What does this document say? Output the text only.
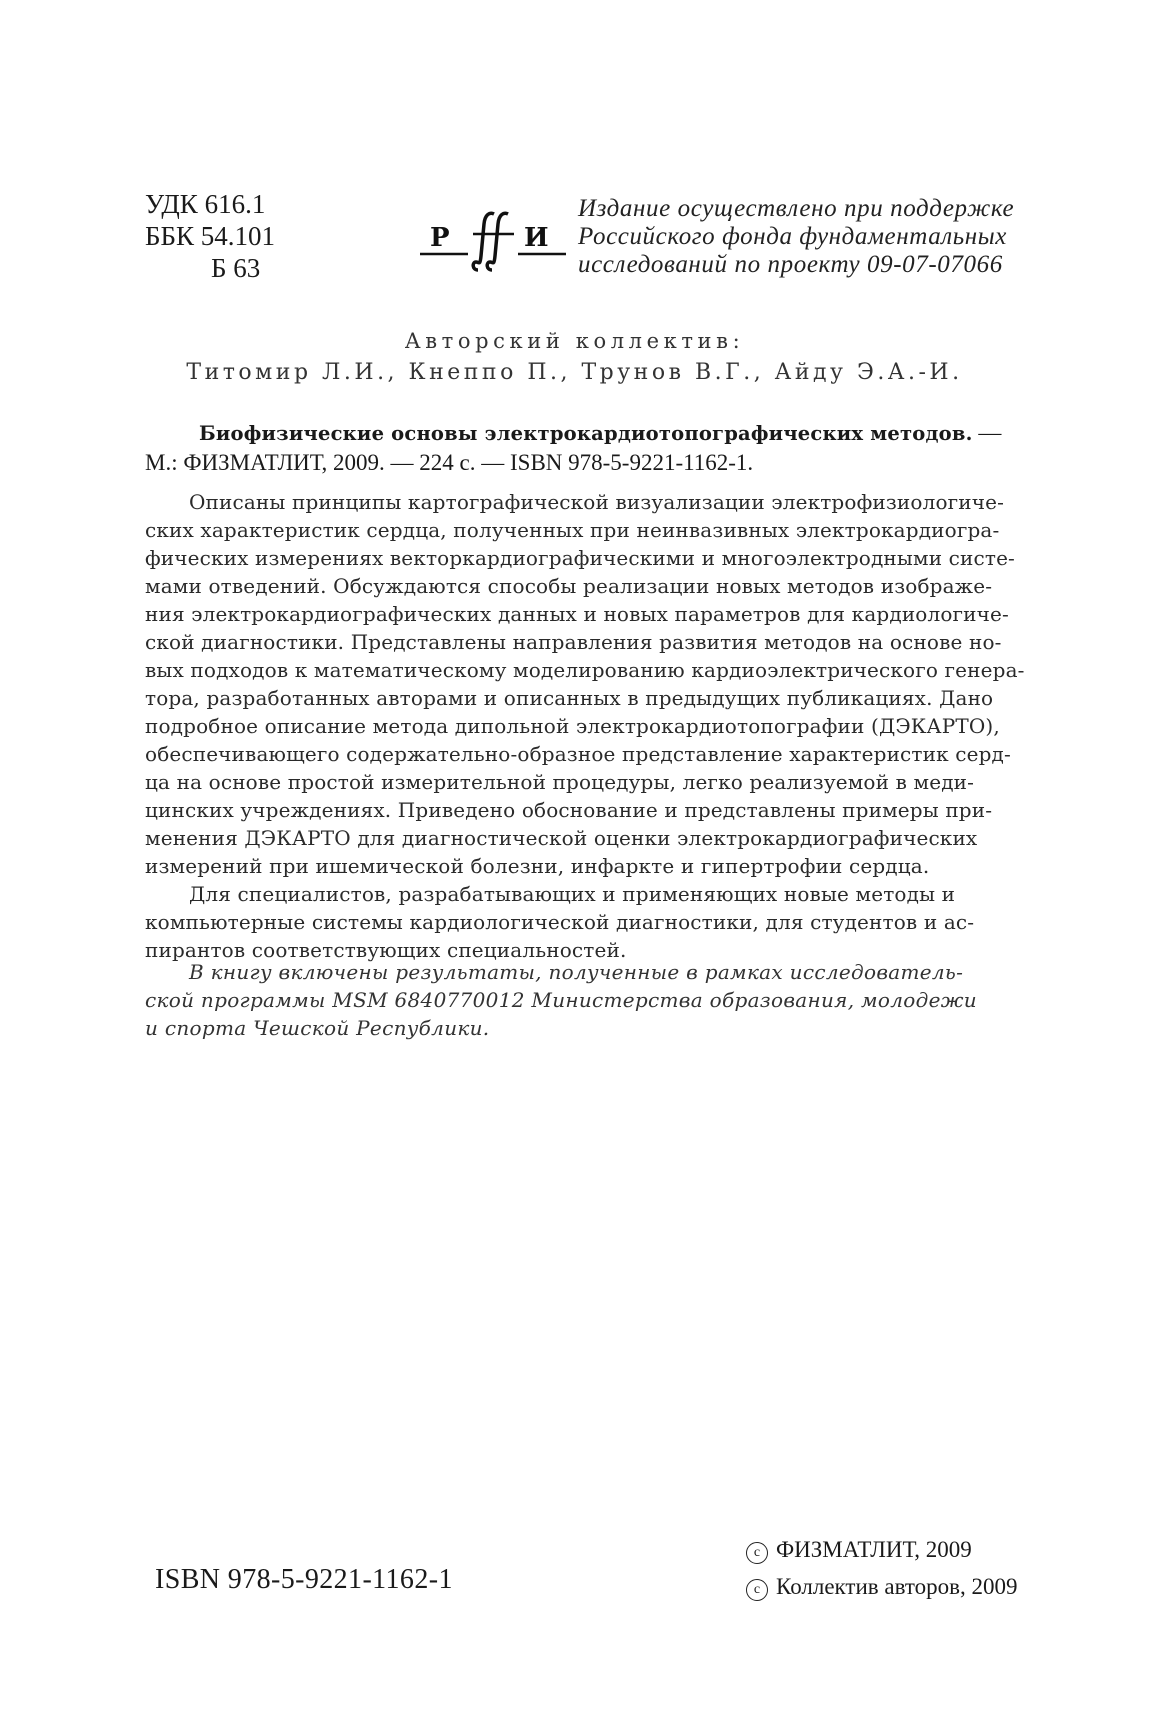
УДК 616.1
ББК 54.101
Б 63
Р	И
Издание осуществлено при поддержке
Российского фонда фундаментальных
исследований по проекту 09-07-07066
Авторский коллектив:
Титомир Л.И., Кнеппо П., Трунов В.Г., Айду Э.А.-И.
Биофизические основы электрокардиотопографических методов. —
М.: ФИЗМАТЛИТ, 2009. — 224 с. — ISBN 978-5-9221-1162-1.

Описаны принципы картографической визуализации электрофизиологиче-
ских характеристик сердца, полученных при неинвазивных электрокардиогра-
фических измерениях векторкардиографическими и многоэлектродными систе-
мами отведений. Обсуждаются способы реализации новых методов изображе-
ния электрокардиографических данных и новых параметров для кардиологиче-
ской диагностики. Представлены направления развития методов на основе но-
вых подходов к математическому моделированию кардиоэлектрического генера-
тора, разработанных авторами и описанных в предыдущих публикациях. Дано
подробное описание метода дипольной электрокардиотопографии (ДЭКАРТО),
обеспечивающего содержательно-образное представление характеристик серд-
ца на основе простой измерительной процедуры, легко реализуемой в меди-
цинских учреждениях. Приведено обоснование и представлены примеры при-
менения ДЭКАРТО для диагностической оценки электрокардиографических
измерений при ишемической болезни, инфаркте и гипертрофии сердца.

Для специалистов, разрабатывающих и применяющих новые методы и
компьютерные системы кардиологической диагностики, для студентов и ас-
пирантов соответствующих специальностей.

В книгу включены результаты, полученные в рамках исследователь-
ской программы MSM 6840770012 Министерства образования, молодежи
и спорта Чешской Республики.
ISBN 978-5-9221-1162-1
c ФИЗМАТЛИТ, 2009
c Коллектив авторов, 2009
